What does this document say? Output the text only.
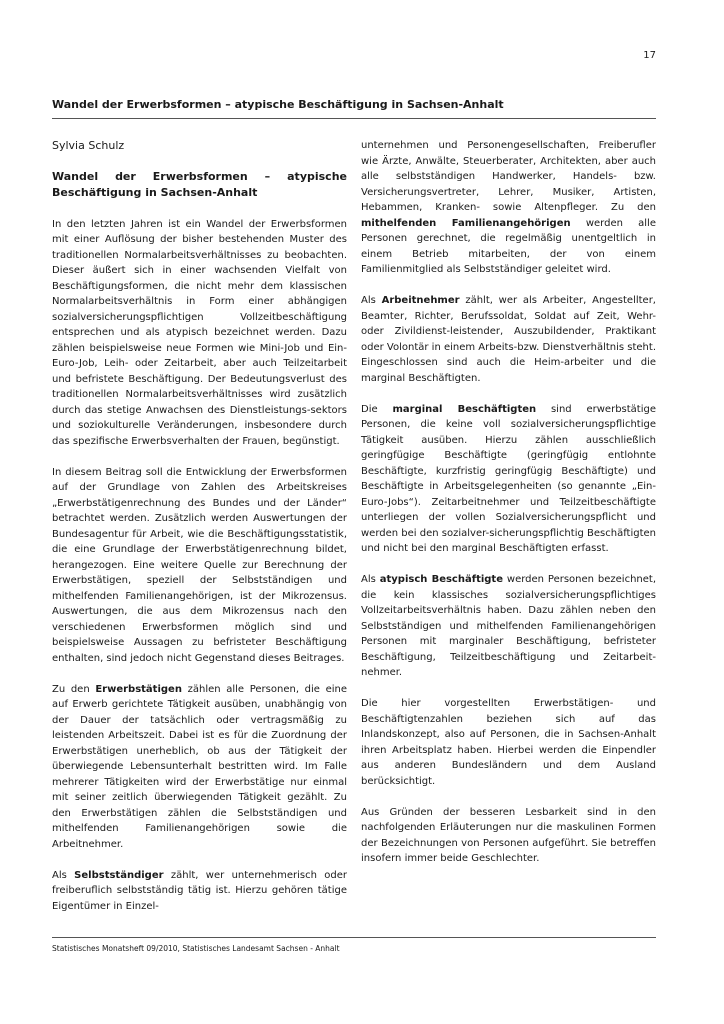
17
Wandel der Erwerbsformen – atypische Beschäftigung in Sachsen-Anhalt

Sylvia Schulz

Wandel der Erwerbsformen – atypische Beschäftigung in Sachsen-Anhalt

In den letzten Jahren ist ein Wandel der Erwerbsformen mit einer Auflösung der bisher bestehenden Muster des traditionellen Normalarbeitsverhältnisses zu beobachten. Dieser äußert sich in einer wachsenden Vielfalt von Beschäftigungsformen, die nicht mehr dem klassischen Normalarbeitsverhältnis in Form einer abhängigen sozialversicherungspflichtigen Vollzeitbeschäftigung entsprechen und als atypisch bezeichnet werden. Dazu zählen beispielsweise neue Formen wie Mini-Job und Ein-Euro-Job, Leih- oder Zeitarbeit, aber auch Teilzeitarbeit und befristete Beschäftigung. Der Bedeutungsverlust des traditionellen Normalarbeitsverhältnisses wird zusätzlich durch das stetige Anwachsen des Dienstleistungs-sektors und soziokulturelle Veränderungen, insbesondere durch das spezifische Erwerbsverhalten der Frauen, begünstigt.

In diesem Beitrag soll die Entwicklung der Erwerbsformen auf der Grundlage von Zahlen des Arbeitskreises „Erwerbstätigenrechnung des Bundes und der Länder“ betrachtet werden. Zusätzlich werden Auswertungen der Bundesagentur für Arbeit, wie die Beschäftigungsstatistik, die eine Grundlage der Erwerbstätigenrechnung bildet, herangezogen. Eine weitere Quelle zur Berechnung der Erwerbstätigen, speziell der Selbstständigen und mithelfenden Familienangehörigen, ist der Mikrozensus. Auswertungen, die aus dem Mikrozensus nach den verschiedenen Erwerbsformen möglich sind und beispielsweise Aussagen zu befristeter Beschäftigung enthalten, sind jedoch nicht Gegenstand dieses Beitrages.

Zu den Erwerbstätigen zählen alle Personen, die eine auf Erwerb gerichtete Tätigkeit ausüben, unabhängig von der Dauer der tatsächlich oder vertragsmäßig zu leistenden Arbeitszeit. Dabei ist es für die Zuordnung der Erwerbstätigen unerheblich, ob aus der Tätigkeit der überwiegende Lebensunterhalt bestritten wird. Im Falle mehrerer Tätigkeiten wird der Erwerbstätige nur einmal mit seiner zeitlich überwiegenden Tätigkeit gezählt. Zu den Erwerbstätigen zählen die Selbstständigen und mithelfenden Familienangehörigen sowie die Arbeitnehmer.

Als Selbstständiger zählt, wer unternehmerisch oder freiberuflich selbstständig tätig ist. Hierzu gehören tätige Eigentümer in Einzel-

unternehmen und Personengesellschaften, Freiberufler wie Ärzte, Anwälte, Steuerberater, Architekten, aber auch alle selbstständigen Handwerker, Handels- bzw. Versicherungsvertreter, Lehrer, Musiker, Artisten, Hebammen, Kranken- sowie Altenpfleger. Zu den mithelfenden Familienangehörigen werden alle Personen gerechnet, die regelmäßig unentgeltlich in einem Betrieb mitarbeiten, der von einem Familienmitglied als Selbstständiger geleitet wird.

Als Arbeitnehmer zählt, wer als Arbeiter, Angestellter, Beamter, Richter, Berufssoldat, Soldat auf Zeit, Wehr- oder Zivildienst-leistender, Auszubildender, Praktikant oder Volontär in einem Arbeits-bzw. Dienstverhältnis steht. Eingeschlossen sind auch die Heim-arbeiter und die marginal Beschäftigten.

Die marginal Beschäftigten sind erwerbstätige Personen, die keine voll sozialversicherungspflichtige Tätigkeit ausüben. Hierzu zählen ausschließlich geringfügige Beschäftigte (geringfügig entlohnte Beschäftigte, kurzfristig geringfügig Beschäftigte) und Beschäftigte in Arbeitsgelegenheiten (so genannte „Ein-Euro-Jobs“). Zeitarbeitnehmer und Teilzeitbeschäftigte unterliegen der vollen Sozialversicherungspflicht und werden bei den sozialver-sicherungspflichtig Beschäftigten und nicht bei den marginal Beschäftigten erfasst.

Als atypisch Beschäftigte werden Personen bezeichnet, die kein klassisches sozialversicherungspflichtiges Vollzeitarbeitsverhältnis haben. Dazu zählen neben den Selbstständigen und mithelfenden Familienangehörigen Personen mit marginaler Beschäftigung, befristeter Beschäftigung, Teilzeitbeschäftigung und Zeitarbeit-nehmer.

Die hier vorgestellten Erwerbstätigen- und Beschäftigtenzahlen beziehen sich auf das Inlandskonzept, also auf Personen, die in Sachsen-Anhalt ihren Arbeitsplatz haben. Hierbei werden die Einpendler aus anderen Bundesländern und dem Ausland berücksichtigt.

Aus Gründen der besseren Lesbarkeit sind in den nachfolgenden Erläuterungen nur die maskulinen Formen der Bezeichnungen von Personen aufgeführt. Sie betreffen insofern immer beide Geschlechter.

Statistisches Monatsheft 09/2010, Statistisches Landesamt Sachsen - Anhalt
